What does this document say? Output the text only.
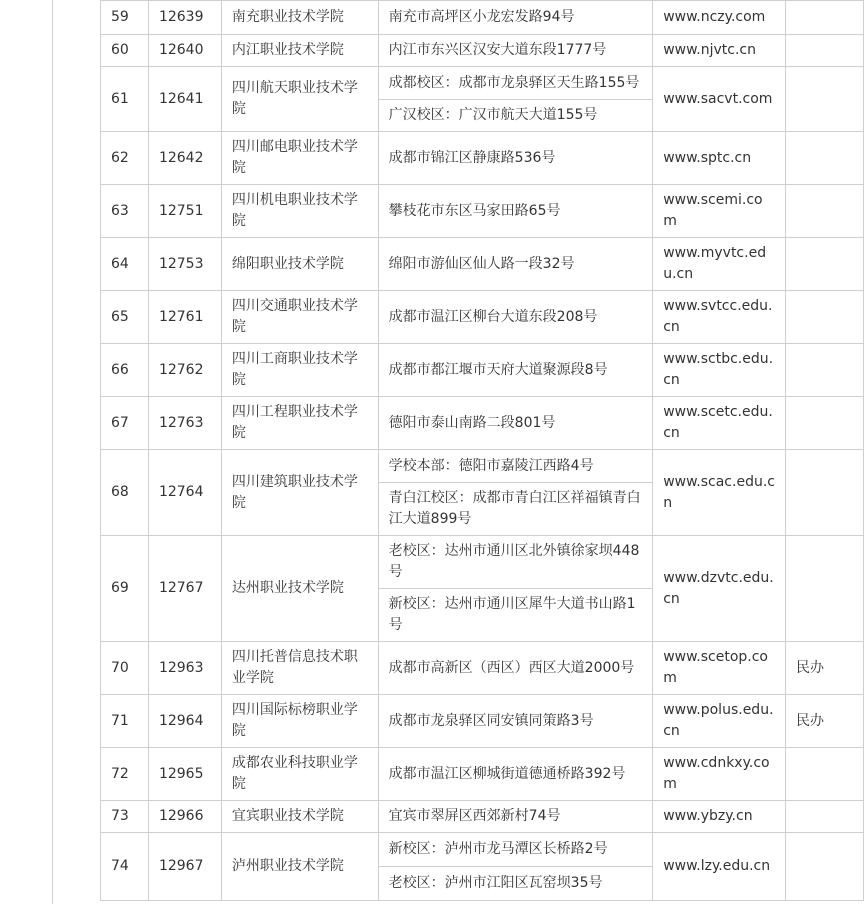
59	12639	南充职业技术学院	南充市高坪区小龙宏发路94号	www.nczy.com	
60	12640	内江职业技术学院	内江市东兴区汉安大道东段1777号	www.njvtc.cn	
61	12641	四川航天职业技术学院	成都校区：成都市龙泉驿区天生路155号	www.sacvt.com	
			广汉校区：广汉市航天大道155号		
62	12642	四川邮电职业技术学院	成都市锦江区静康路536号	www.sptc.cn	
63	12751	四川机电职业技术学院	攀枝花市东区马家田路65号	www.scemi.com	
64	12753	绵阳职业技术学院	绵阳市游仙区仙人路一段32号	www.myvtc.edu.cn	
65	12761	四川交通职业技术学院	成都市温江区柳台大道东段208号	www.svtcc.edu.cn	
66	12762	四川工商职业技术学院	成都市都江堰市天府大道聚源段8号	www.sctbc.edu.cn	
67	12763	四川工程职业技术学院	德阳市泰山南路二段801号	www.scetc.edu.cn	
68	12764	四川建筑职业技术学院	学校本部：德阳市嘉陵江西路4号	www.scac.edu.cn	
			青白江校区：成都市青白江区祥福镇青白江大道899号		
69	12767	达州职业技术学院	老校区：达州市通川区北外镇徐家坝448号	www.dzvtc.edu.cn	
			新校区：达州市通川区犀牛大道书山路1号		
70	12963	四川托普信息技术职业学院	成都市高新区（西区）西区大道2000号	www.scetop.com	民办
71	12964	四川国际标榜职业学院	成都市龙泉驿区同安镇同策路3号	www.polus.edu.cn	民办
72	12965	成都农业科技职业学院	成都市温江区柳城街道德通桥路392号	www.cdnkxy.com	
73	12966	宜宾职业技术学院	宜宾市翠屏区西郊新村74号	www.ybzy.cn	
74	12967	泸州职业技术学院	新校区：泸州市龙马潭区长桥路2号	www.lzy.edu.cn	
			老校区：泸州市江阳区瓦窑坝35号		
